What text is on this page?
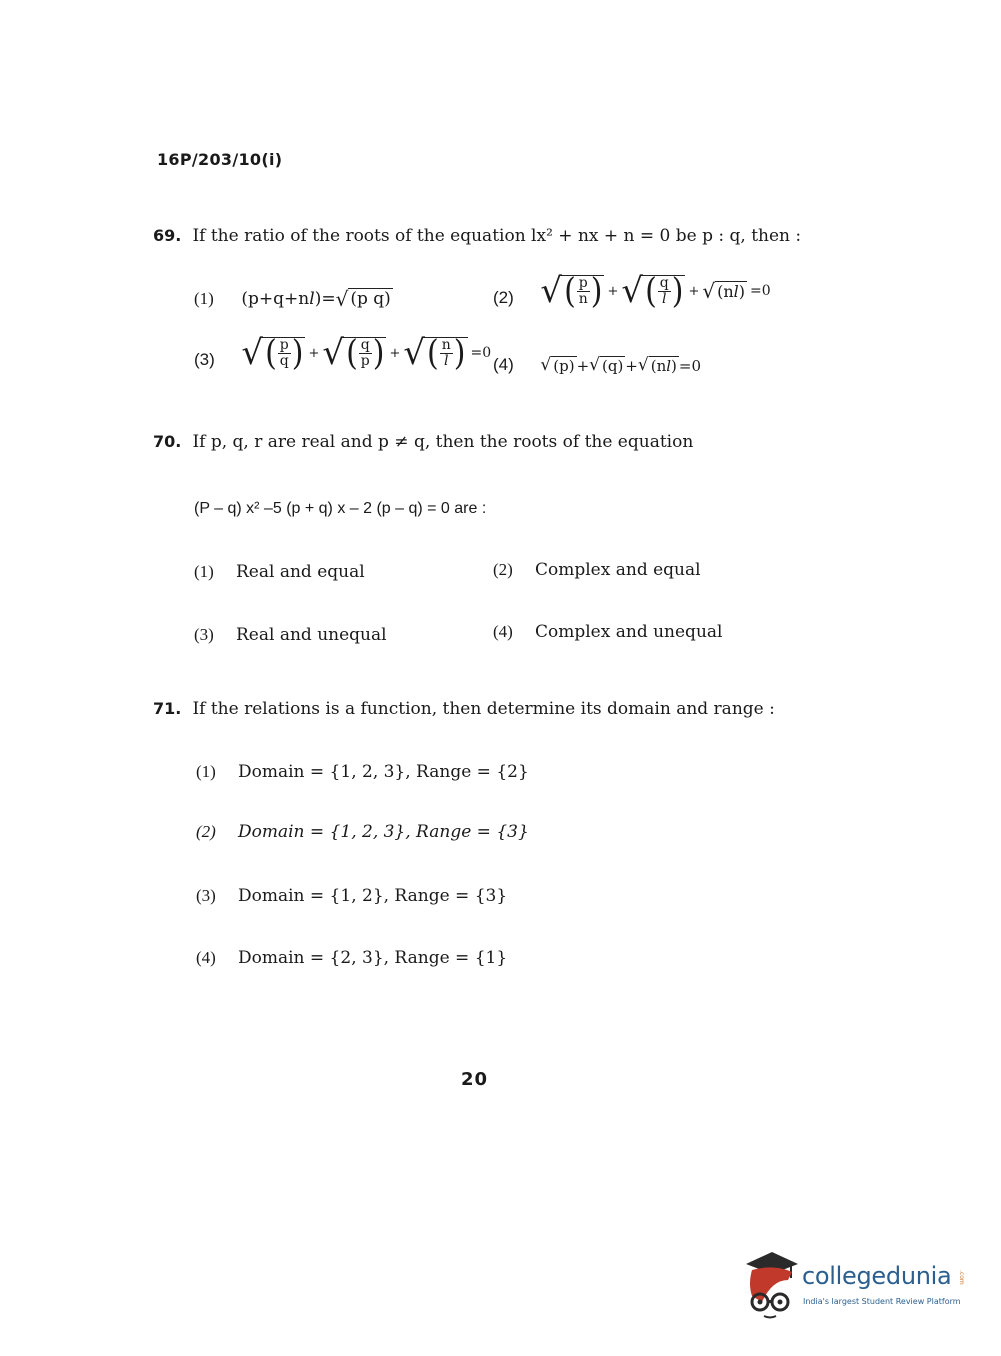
16P/203/10(i)
69. If the ratio of the roots of the equation lx² + nx + n = 0 be p : q, then :
(1) (p+q+n l )= √ (p q)	(2) √ ( $\frac{p}{n}$ ) + √ ( $\frac{q}{l}$ ) + √ (nl) =0
(3) √ ( $\frac{p}{q}$ ) + √ ( $\frac{q}{p}$ ) + √ ( $\frac{n}{l}$ ) =0
(4) √ (p) + √ (q) + √ (nl) =0
70. If p, q, r are real and p ≠ q, then the roots of the equation
(P – q) x² –5 (p + q) x – 2 (p – q) = 0 are :
(1) Real and equal	(2) Complex and equal
(3) Real and unequal	(4) Complex and unequal
71. If the relations is a function, then determine its domain and range :
(1) Domain = {1, 2, 3}, Range = {2}
(2) Domain = {1, 2, 3}, Range = {3}
(3) Domain = {1, 2}, Range = {3}
(4) Domain = {2, 3}, Range = {1}
20
collegedunia .com
India's largest Student Review Platform
